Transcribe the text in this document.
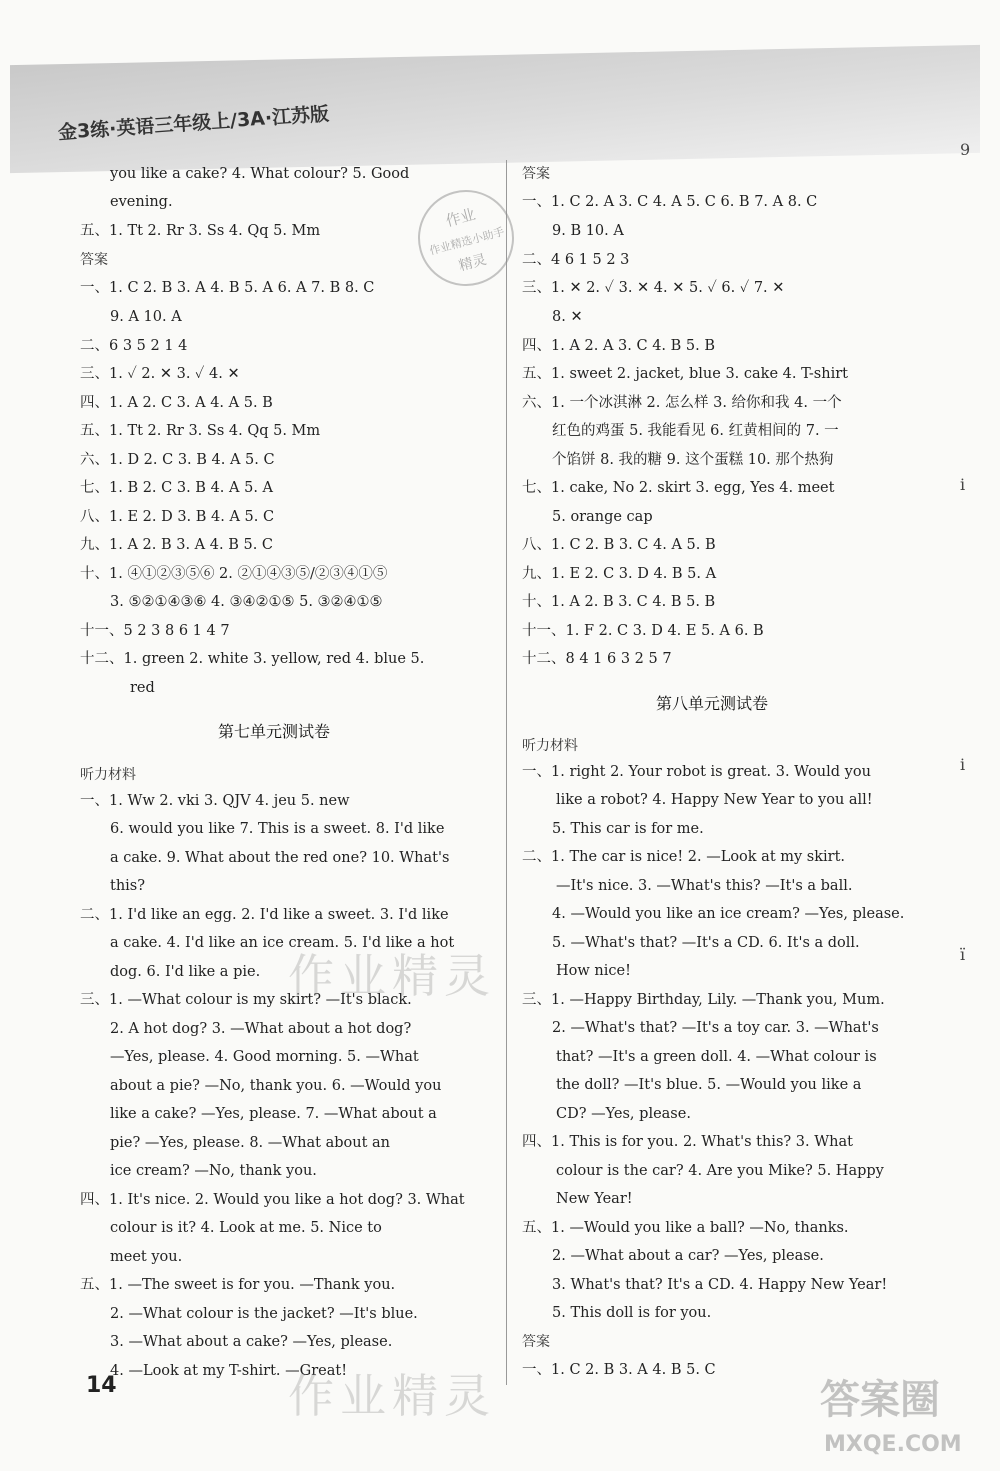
金3练·英语三年级上/3A·江苏版
you like a cake? 4. What colour? 5. Good
evening.
五、1. Tt 2. Rr 3. Ss 4. Qq 5. Mm
答案
一、1. C 2. B 3. A 4. B 5. A 6. A 7. B 8. C
9. A 10. A
二、6 3 5 2 1 4
三、1. ✓ 2. ✕ 3. ✓ 4. ✕
四、1. A 2. C 3. A 4. A 5. B
五、1. Tt 2. Rr 3. Ss 4. Qq 5. Mm
六、1. D 2. C 3. B 4. A 5. C
七、1. B 2. C 3. B 4. A 5. A
八、1. E 2. D 3. B 4. A 5. C
九、1. A 2. B 3. A 4. B 5. C
十、1. ④①②③⑤⑥ 2. ②①④③⑤/②③④①⑤
3. ⑤②①④③⑥ 4. ③④②①⑤ 5. ③②④①⑤
十一、5 2 3 8 6 1 4 7
十二、1. green 2. white 3. yellow, red 4. blue 5.
red
第七单元测试卷
听力材料
一、1. Ww 2. vki 3. QJV 4. jeu 5. new
6. would you like 7. This is a sweet. 8. I'd like
a cake. 9. What about the red one? 10. What's
this?
二、1. I'd like an egg. 2. I'd like a sweet. 3. I'd like
a cake. 4. I'd like an ice cream. 5. I'd like a hot
dog. 6. I'd like a pie.
三、1. —What colour is my skirt? —It's black.
2. A hot dog? 3. —What about a hot dog?
—Yes, please. 4. Good morning. 5. —What
about a pie? —No, thank you. 6. —Would you
like a cake? —Yes, please. 7. —What about a
pie? —Yes, please. 8. —What about an
ice cream? —No, thank you.
四、1. It's nice. 2. Would you like a hot dog? 3. What
colour is it? 4. Look at me. 5. Nice to
meet you.
五、1. —The sweet is for you. —Thank you.
2. —What colour is the jacket? —It's blue.
3. —What about a cake? —Yes, please.
4. —Look at my T-shirt. —Great!
答案
一、1. C 2. A 3. C 4. A 5. C 6. B 7. A 8. C
9. B 10. A
二、4 6 1 5 2 3
三、1. ✕ 2. ✓ 3. ✕ 4. ✕ 5. ✓ 6. ✓ 7. ✕
8. ✕
四、1. A 2. A 3. C 4. B 5. B
五、1. sweet 2. jacket, blue 3. cake 4. T-shirt
六、1. 一个冰淇淋 2. 怎么样 3. 给你和我 4. 一个
红色的鸡蛋 5. 我能看见 6. 红黄相间的 7. 一
个馅饼 8. 我的糖 9. 这个蛋糕 10. 那个热狗
七、1. cake, No 2. skirt 3. egg, Yes 4. meet
5. orange cap
八、1. C 2. B 3. C 4. A 5. B
九、1. E 2. C 3. D 4. B 5. A
十、1. A 2. B 3. C 4. B 5. B
十一、1. F 2. C 3. D 4. E 5. A 6. B
十二、8 4 1 6 3 2 5 7
第八单元测试卷
听力材料
一、1. right 2. Your robot is great. 3. Would you
like a robot? 4. Happy New Year to you all!
5. This car is for me.
二、1. The car is nice! 2. —Look at my skirt.
—It's nice. 3. —What's this? —It's a ball.
4. —Would you like an ice cream? —Yes, please.
5. —What's that? —It's a CD. 6. It's a doll.
How nice!
三、1. —Happy Birthday, Lily. —Thank you, Mum.
2. —What's that? —It's a toy car. 3. —What's
that? —It's a green doll. 4. —What colour is
the doll? —It's blue. 5. —Would you like a
CD? —Yes, please.
四、1. This is for you. 2. What's this? 3. What
colour is the car? 4. Are you Mike? 5. Happy
New Year!
五、1. —Would you like a ball? —No, thanks.
2. —What about a car? —Yes, please.
3. What's that? It's a CD. 4. Happy New Year!
5. This doll is for you.
答案
一、1. C 2. B 3. A 4. B 5. C
作业
作业精选小助手
精灵
作业精灵
作业精灵
9
і
і
ї
14	答案圈
MXQE.COM
